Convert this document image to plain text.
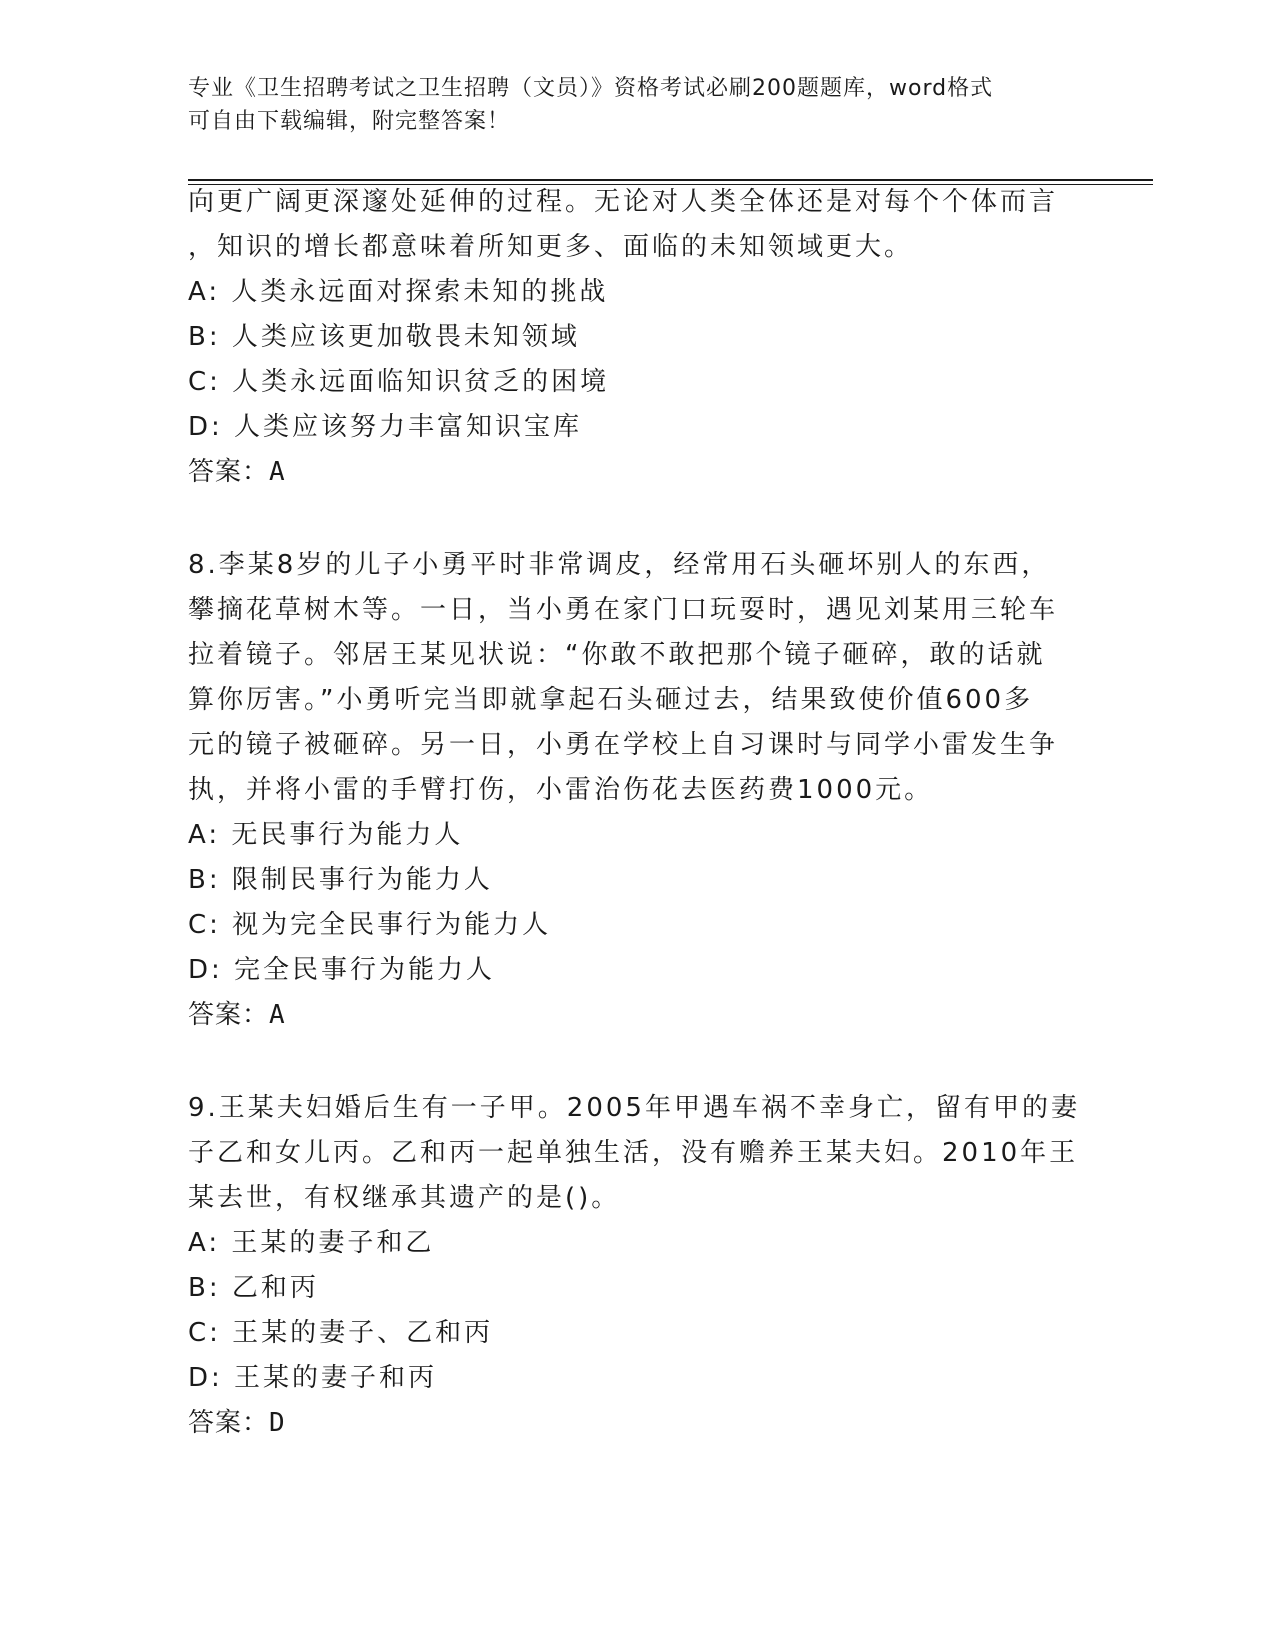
专业《卫生招聘考试之卫生招聘（文员）》资格考试必刷200题题库，word格式
可自由下载编辑，附完整答案！
向更广阔更深邃处延伸的过程。无论对人类全体还是对每个个体而言
，知识的增长都意味着所知更多、面临的未知领域更大。
A: 人类永远面对探索未知的挑战
B: 人类应该更加敬畏未知领域
C: 人类永远面临知识贫乏的困境
D: 人类应该努力丰富知识宝库
答案：A
8.李某8岁的儿子小勇平时非常调皮，经常用石头砸坏别人的东西，
攀摘花草树木等。一日，当小勇在家门口玩耍时，遇见刘某用三轮车
拉着镜子。邻居王某见状说：“你敢不敢把那个镜子砸碎，敢的话就
算你厉害。”小勇听完当即就拿起石头砸过去，结果致使价值600多
元的镜子被砸碎。另一日，小勇在学校上自习课时与同学小雷发生争
执，并将小雷的手臂打伤，小雷治伤花去医药费1000元。
A: 无民事行为能力人
B: 限制民事行为能力人
C: 视为完全民事行为能力人
D: 完全民事行为能力人
答案：A
9.王某夫妇婚后生有一子甲。2005年甲遇车祸不幸身亡，留有甲的妻
子乙和女儿丙。乙和丙一起单独生活，没有赡养王某夫妇。2010年王
某去世，有权继承其遗产的是()。
A: 王某的妻子和乙
B: 乙和丙
C: 王某的妻子、乙和丙
D: 王某的妻子和丙
答案：D
